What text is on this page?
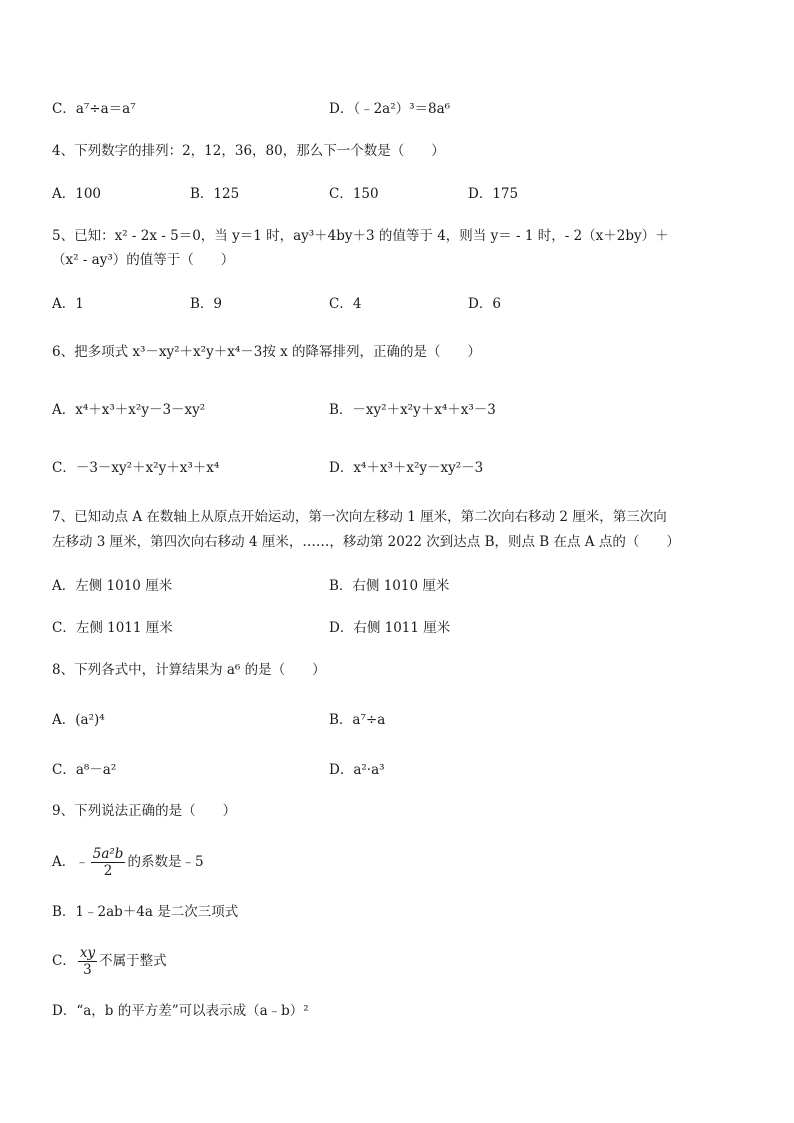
C．a⁷÷a＝a⁷	D．（﹣2a²）³＝8a⁶
4、下列数字的排列：2，12，36，80，那么下一个数是（　　）
A．100	B．125	C．150	D．175
5、已知：x² - 2x - 5＝0，当 y＝1 时，ay³＋4by＋3 的值等于 4，则当 y＝ - 1 时，- 2（x＋2by）＋
（x² - ay³）的值等于（　　）
A．1	B．9	C．4	D．6
6、把多项式 x³－xy²＋x²y＋x⁴－3按 x 的降幂排列，正确的是（　　）
A．x⁴＋x³＋x²y－3－xy²	B．－xy²＋x²y＋x⁴＋x³－3
C．－3－xy²＋x²y＋x³＋x⁴	D．x⁴＋x³＋x²y－xy²－3
7、已知动点 A 在数轴上从原点开始运动，第一次向左移动 1 厘米，第二次向右移动 2 厘米，第三次向
左移动 3 厘米，第四次向右移动 4 厘米，……，移动第 2022 次到达点 B，则点 B 在点 A 点的（　　）
A．左侧 1010 厘米	B．右侧 1010 厘米
C．左侧 1011 厘米	D．右侧 1011 厘米
8、下列各式中，计算结果为 a⁶ 的是（　　）
A．(a²)⁴	B．a⁷÷a
C．a⁸－a²	D．a²·a³
9、下列说法正确的是（　　）
A．﹣ $\frac{\text{5a²b}}{2}$ 的系数是﹣5
B．1﹣2ab＋4a 是二次三项式
C． $\frac{xy}{3}$ 不属于整式
D．“a，b 的平方差”可以表示成（a﹣b）²
